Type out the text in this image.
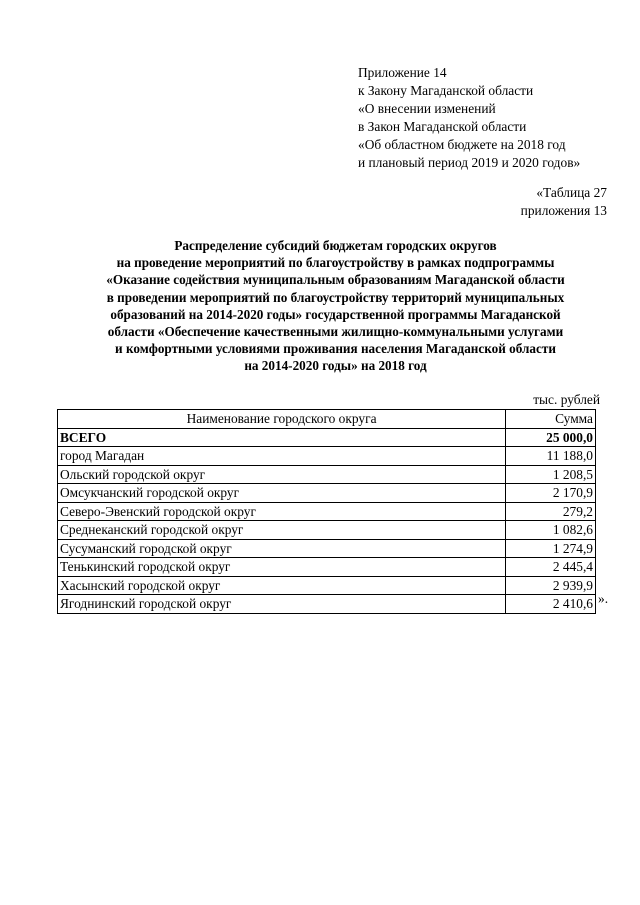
Приложение 14
к Закону Магаданской области
«О внесении изменений
в Закон Магаданской области
«Об областном бюджете на 2018 год
и плановый период 2019 и 2020 годов»
«Таблица 27
приложения 13
Распределение субсидий бюджетам городских округов
на проведение мероприятий по благоустройству в рамках подпрограммы
«Оказание содействия муниципальным образованиям Магаданской области
в проведении мероприятий по благоустройству территорий муниципальных
образований на 2014-2020 годы» государственной программы Магаданской
области «Обеспечение качественными жилищно-коммунальными услугами
и комфортными условиями проживания населения Магаданской области
на 2014-2020 годы» на 2018 год
тыс. рублей
Наименование городского округа	Сумма
ВСЕГО	25 000,0
город Магадан	11 188,0
Ольский городской округ	1 208,5
Омсукчанский городской округ	2 170,9
Северо-Эвенский городской округ	279,2
Среднеканский городской округ	1 082,6
Сусуманский городской округ	1 274,9
Тенькинский городской округ	2 445,4
Хасынский городской округ	2 939,9
Ягоднинский городской округ	2 410,6 ».
